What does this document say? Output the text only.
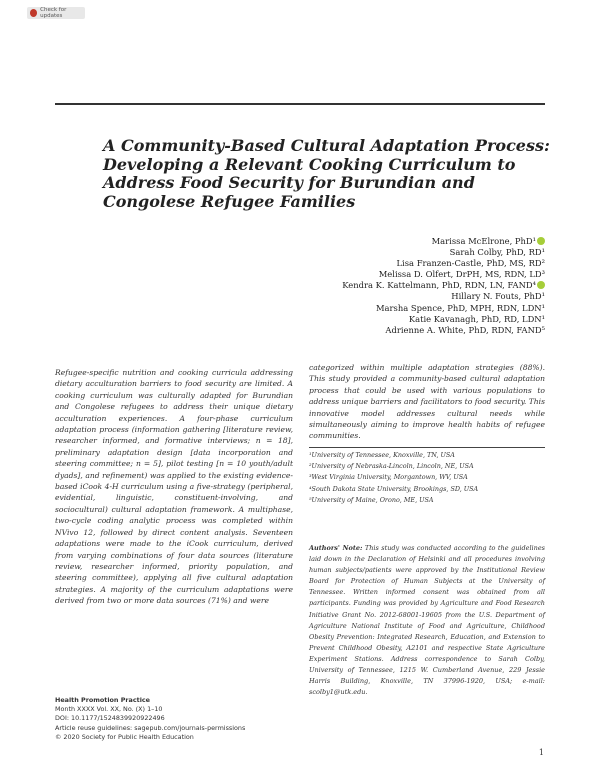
Check for updates
A Community-Based Cultural Adaptation Process:
Developing a Relevant Cooking Curriculum to
Address Food Security for Burundian and
Congolese Refugee Families
Marissa McElrone, PhD¹
Sarah Colby, PhD, RD¹
Lisa Franzen-Castle, PhD, MS, RD²
Melissa D. Olfert, DrPH, MS, RDN, LD³
Kendra K. Kattelmann, PhD, RDN, LN, FAND⁴
Hillary N. Fouts, PhD¹
Marsha Spence, PhD, MPH, RDN, LDN¹
Katie Kavanagh, PhD, RD, LDN¹
Adrienne A. White, PhD, RDN, FAND⁵

Refugee-specific nutrition and cooking curricula addressing dietary acculturation barriers to food security are limited. A cooking curriculum was culturally adapted for Burundian and Congolese refugees to address their unique dietary acculturation experiences. A four-phase curriculum adaptation process (information gathering [literature review, researcher informed, and formative interviews; n = 18], preliminary adaptation design [data incorporation and steering committee; n = 5], pilot testing [n = 10 youth/adult dyads], and refinement) was applied to the existing evidence-based iCook 4-H curriculum using a five-strategy (peripheral, evidential, linguistic, constituent-involving, and sociocultural) cultural adaptation framework. A multiphase, two-cycle coding analytic process was completed within NVivo 12, followed by direct content analysis. Seventeen adaptations were made to the iCook curriculum, derived from varying combinations of four data sources (literature review, researcher informed, priority population, and steering committee), applying all five cultural adaptation strategies. A majority of the curriculum adaptations were derived from two or more data sources (71%) and were

categorized within multiple adaptation strategies (88%). This study provided a community-based cultural adaptation process that could be used with various populations to address unique barriers and facilitators to food security. This innovative model addresses cultural needs while simultaneously aiming to improve health habits of refugee communities.

¹University of Tennessee, Knoxville, TN, USA
²University of Nebraska-Lincoln, Lincoln, NE, USA
³West Virginia University, Morgantown, WV, USA
⁴South Dakota State University, Brookings, SD, USA
⁵University of Maine, Orono, ME, USA

Authors' Note: This study was conducted according to the guidelines laid down in the Declaration of Helsinki and all procedures involving human subjects/patients were approved by the Institutional Review Board for Protection of Human Subjects at the University of Tennessee. Written informed consent was obtained from all participants. Funding was provided by Agriculture and Food Research Initiative Grant No. 2012-68001-19605 from the U.S. Department of Agriculture National Institute of Food and Agriculture, Childhood Obesity Prevention: Integrated Research, Education, and Extension to Prevent Childhood Obesity, A2101 and respective State Agriculture Experiment Stations. Address correspondence to Sarah Colby, University of Tennessee, 1215 W. Cumberland Avenue, 229 Jessie Harris Building, Knoxville, TN 37996-1920, USA; e-mail: scolby1@utk.edu.

Health Promotion Practice
Month XXXX Vol. XX, No. (X) 1–10
DOI: 10.1177/1524839920922496
Article reuse guidelines: sagepub.com/journals-permissions
© 2020 Society for Public Health Education
1
